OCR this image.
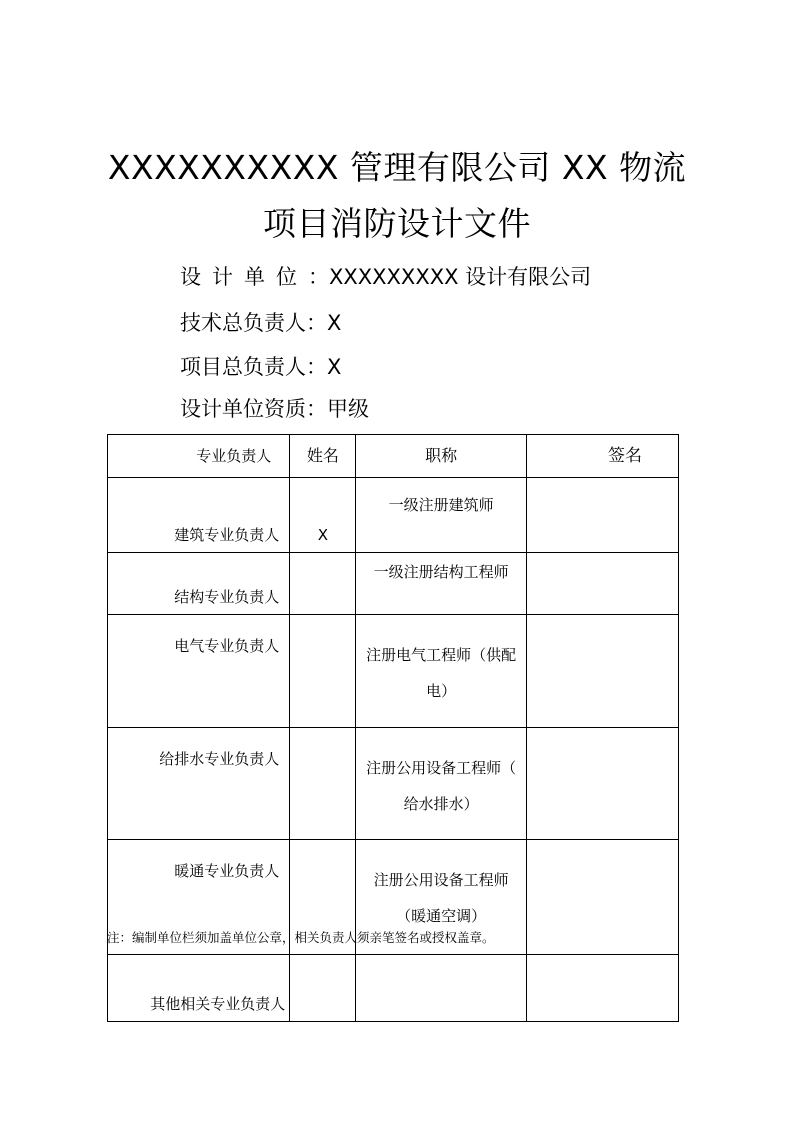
XXXXXXXXXX 管理有限公司 XX 物流
项目消防设计文件
设计单位：XXXXXXXXX 设计有限公司
技术总负责人：X
项目总负责人：X
设计单位资质：甲级
专业负责人	姓名	职称	签名
建筑专业负责人	X	一级注册建筑师	

结构专业负责人		一级注册结构工程师	

电气专业负责人		注册电气工程师（供配
电）	

给排水专业负责人		注册公用设备工程师（
给水排水）	

暖通专业负责人		注册公用设备工程师
（暖通空调）	

其他相关专业负责人		

注：编制单位栏须加盖单位公章，相关负责人须亲笔签名或授权盖章。
